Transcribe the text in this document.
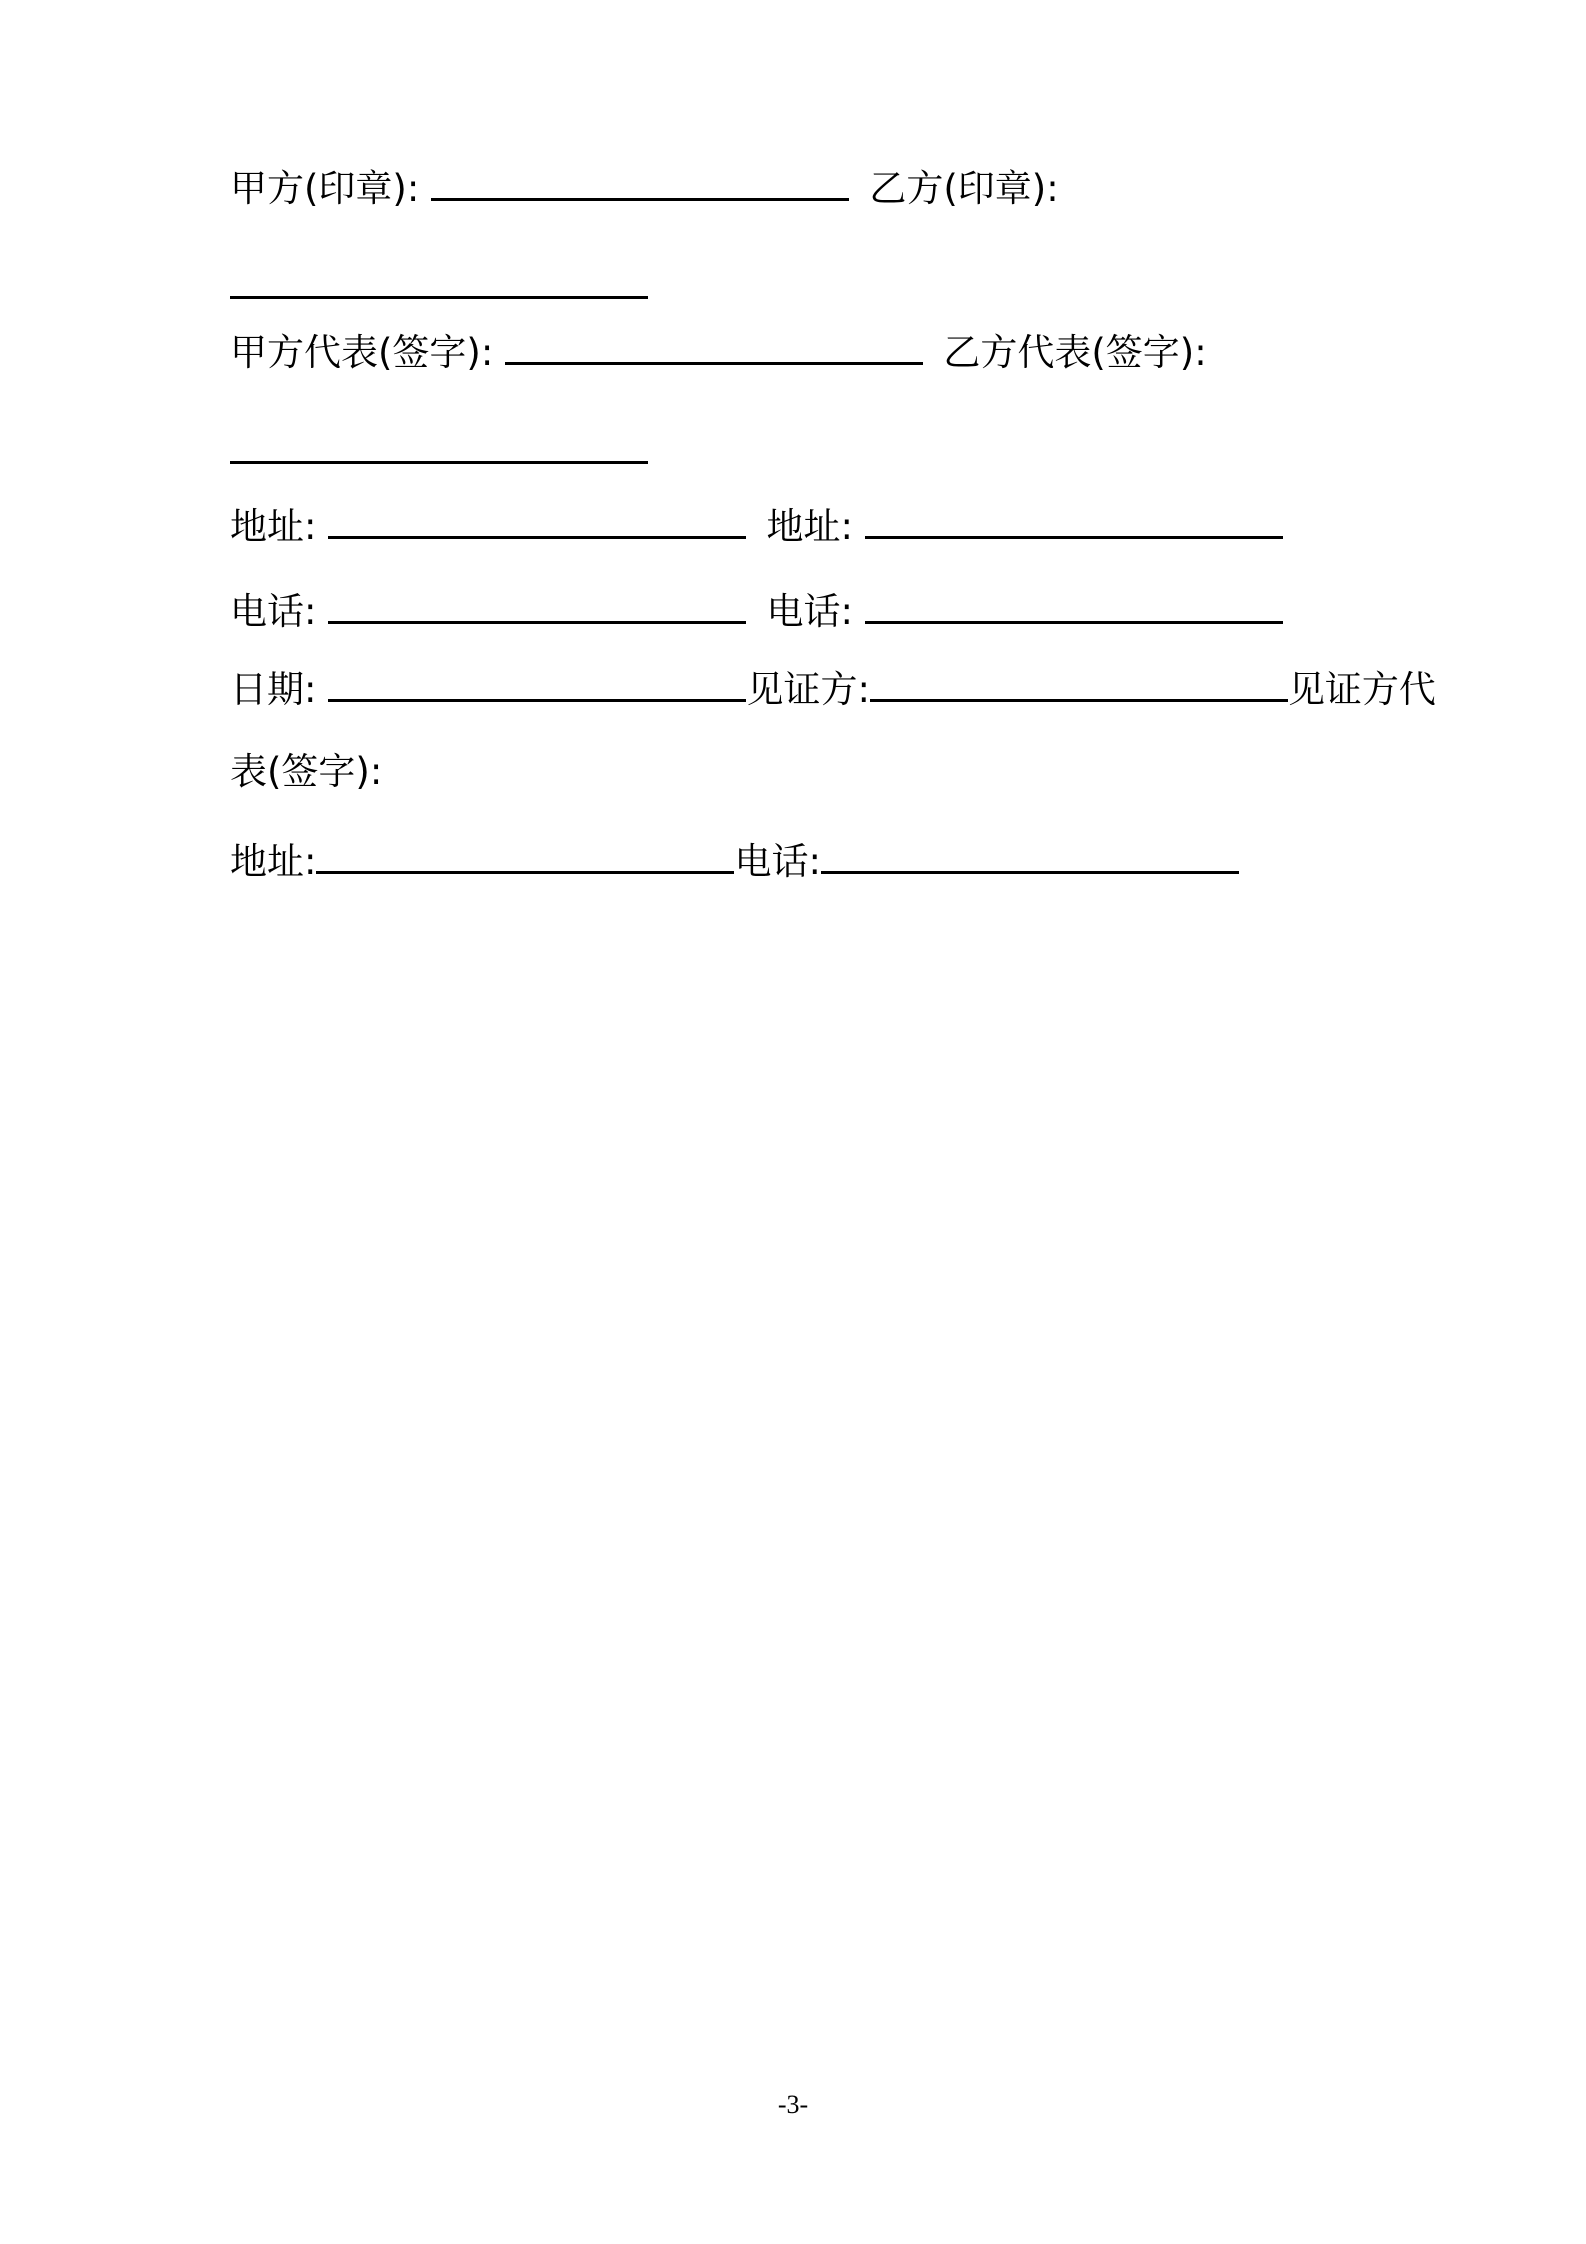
甲方(印章):	乙方(印章):
甲方代表(签字):	乙方代表(签字):
地址:	地址:
电话:	电话:
日期:	见证方:	见证方代
表(签字):
地址:	电话:
-3-
